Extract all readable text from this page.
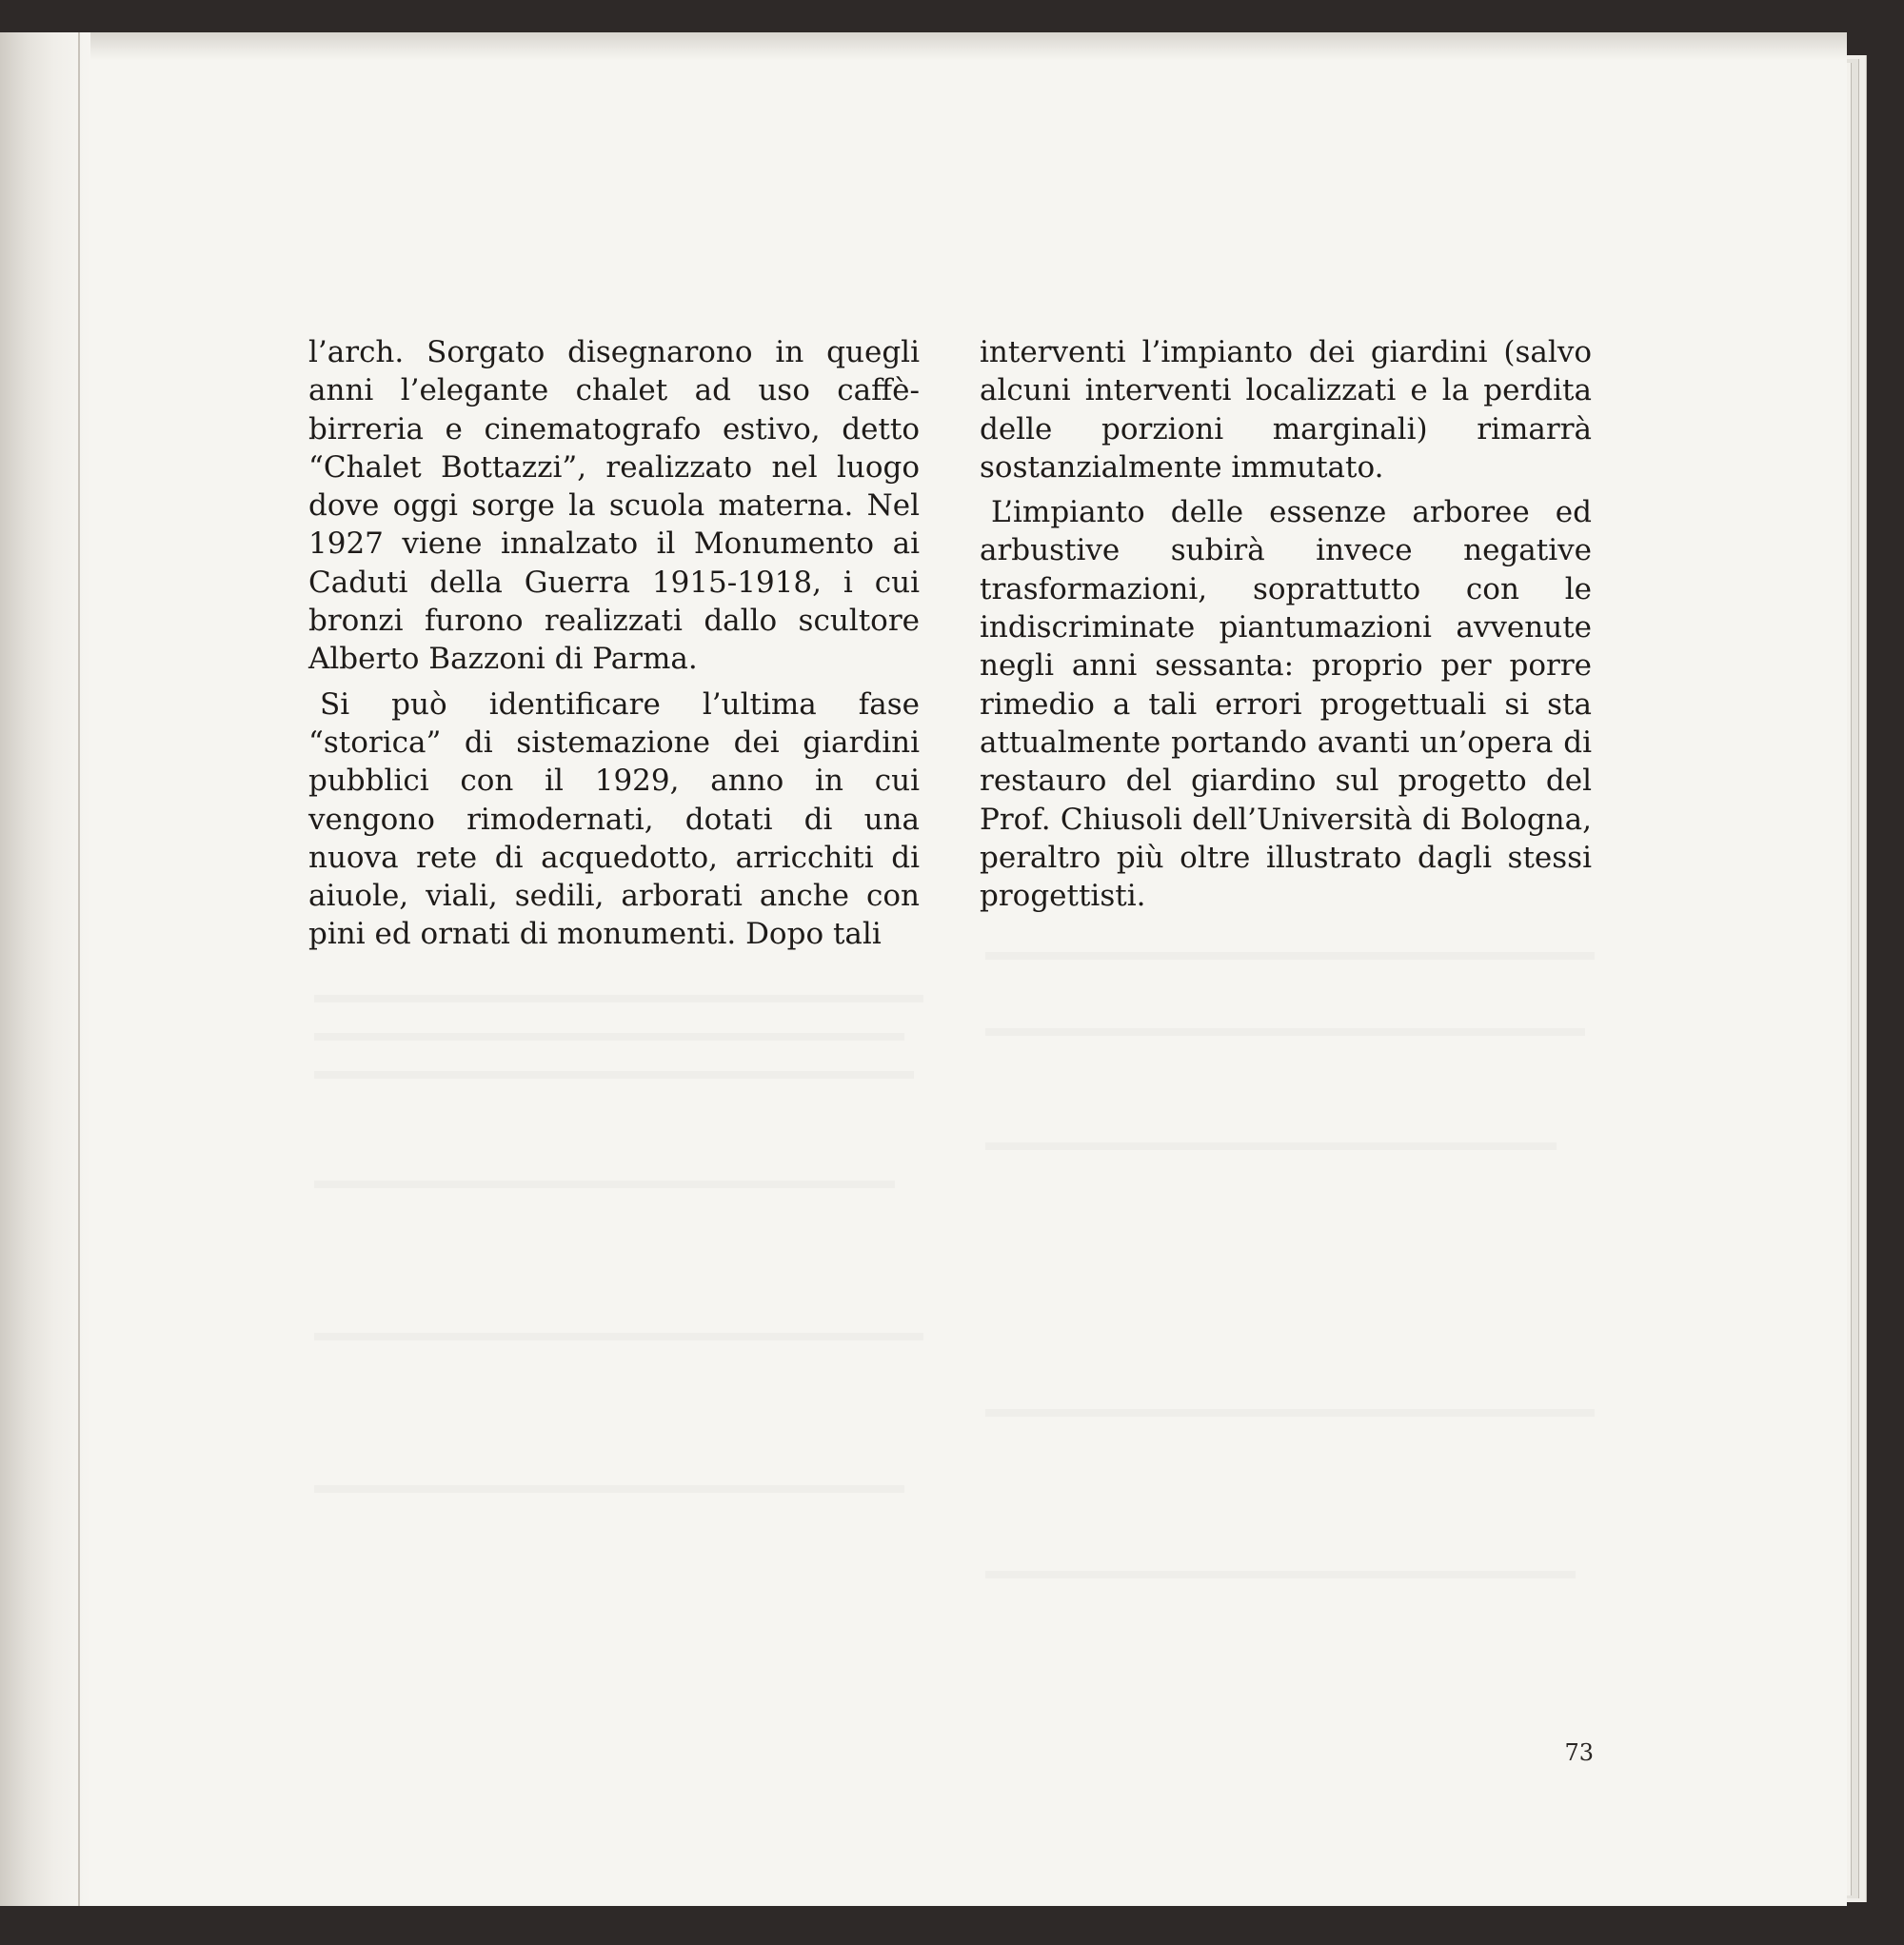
l’arch. Sorgato disegnarono in quegli anni l’elegante chalet ad uso caffè-birreria e cinematografo estivo, detto “Chalet Bottazzi”, realizzato nel luogo dove oggi sorge la scuola materna. Nel 1927 viene innalzato il Monumento ai Caduti della Guerra 1915-1918, i cui bronzi furono realizzati dallo scultore Alberto Bazzoni di Parma.

Si può identificare l’ultima fase “storica” di sistemazione dei giardini pubblici con il 1929, anno in cui vengono rimodernati, dotati di una nuova rete di acquedotto, arricchiti di aiuole, viali, sedili, arborati anche con pini ed ornati di monumenti. Dopo tali

interventi l’impianto dei giardini (salvo alcuni interventi localizzati e la perdita delle porzioni marginali) rimarrà sostanzialmente immutato.

L’impianto delle essenze arboree ed arbustive subirà invece negative trasformazioni, soprattutto con le indiscriminate piantumazioni avvenute negli anni sessanta: proprio per porre rimedio a tali errori progettuali si sta attualmente portando avanti un’opera di restauro del giardino sul progetto del Prof. Chiusoli dell’Università di Bologna, peraltro più oltre illustrato dagli stessi progettisti.

73
